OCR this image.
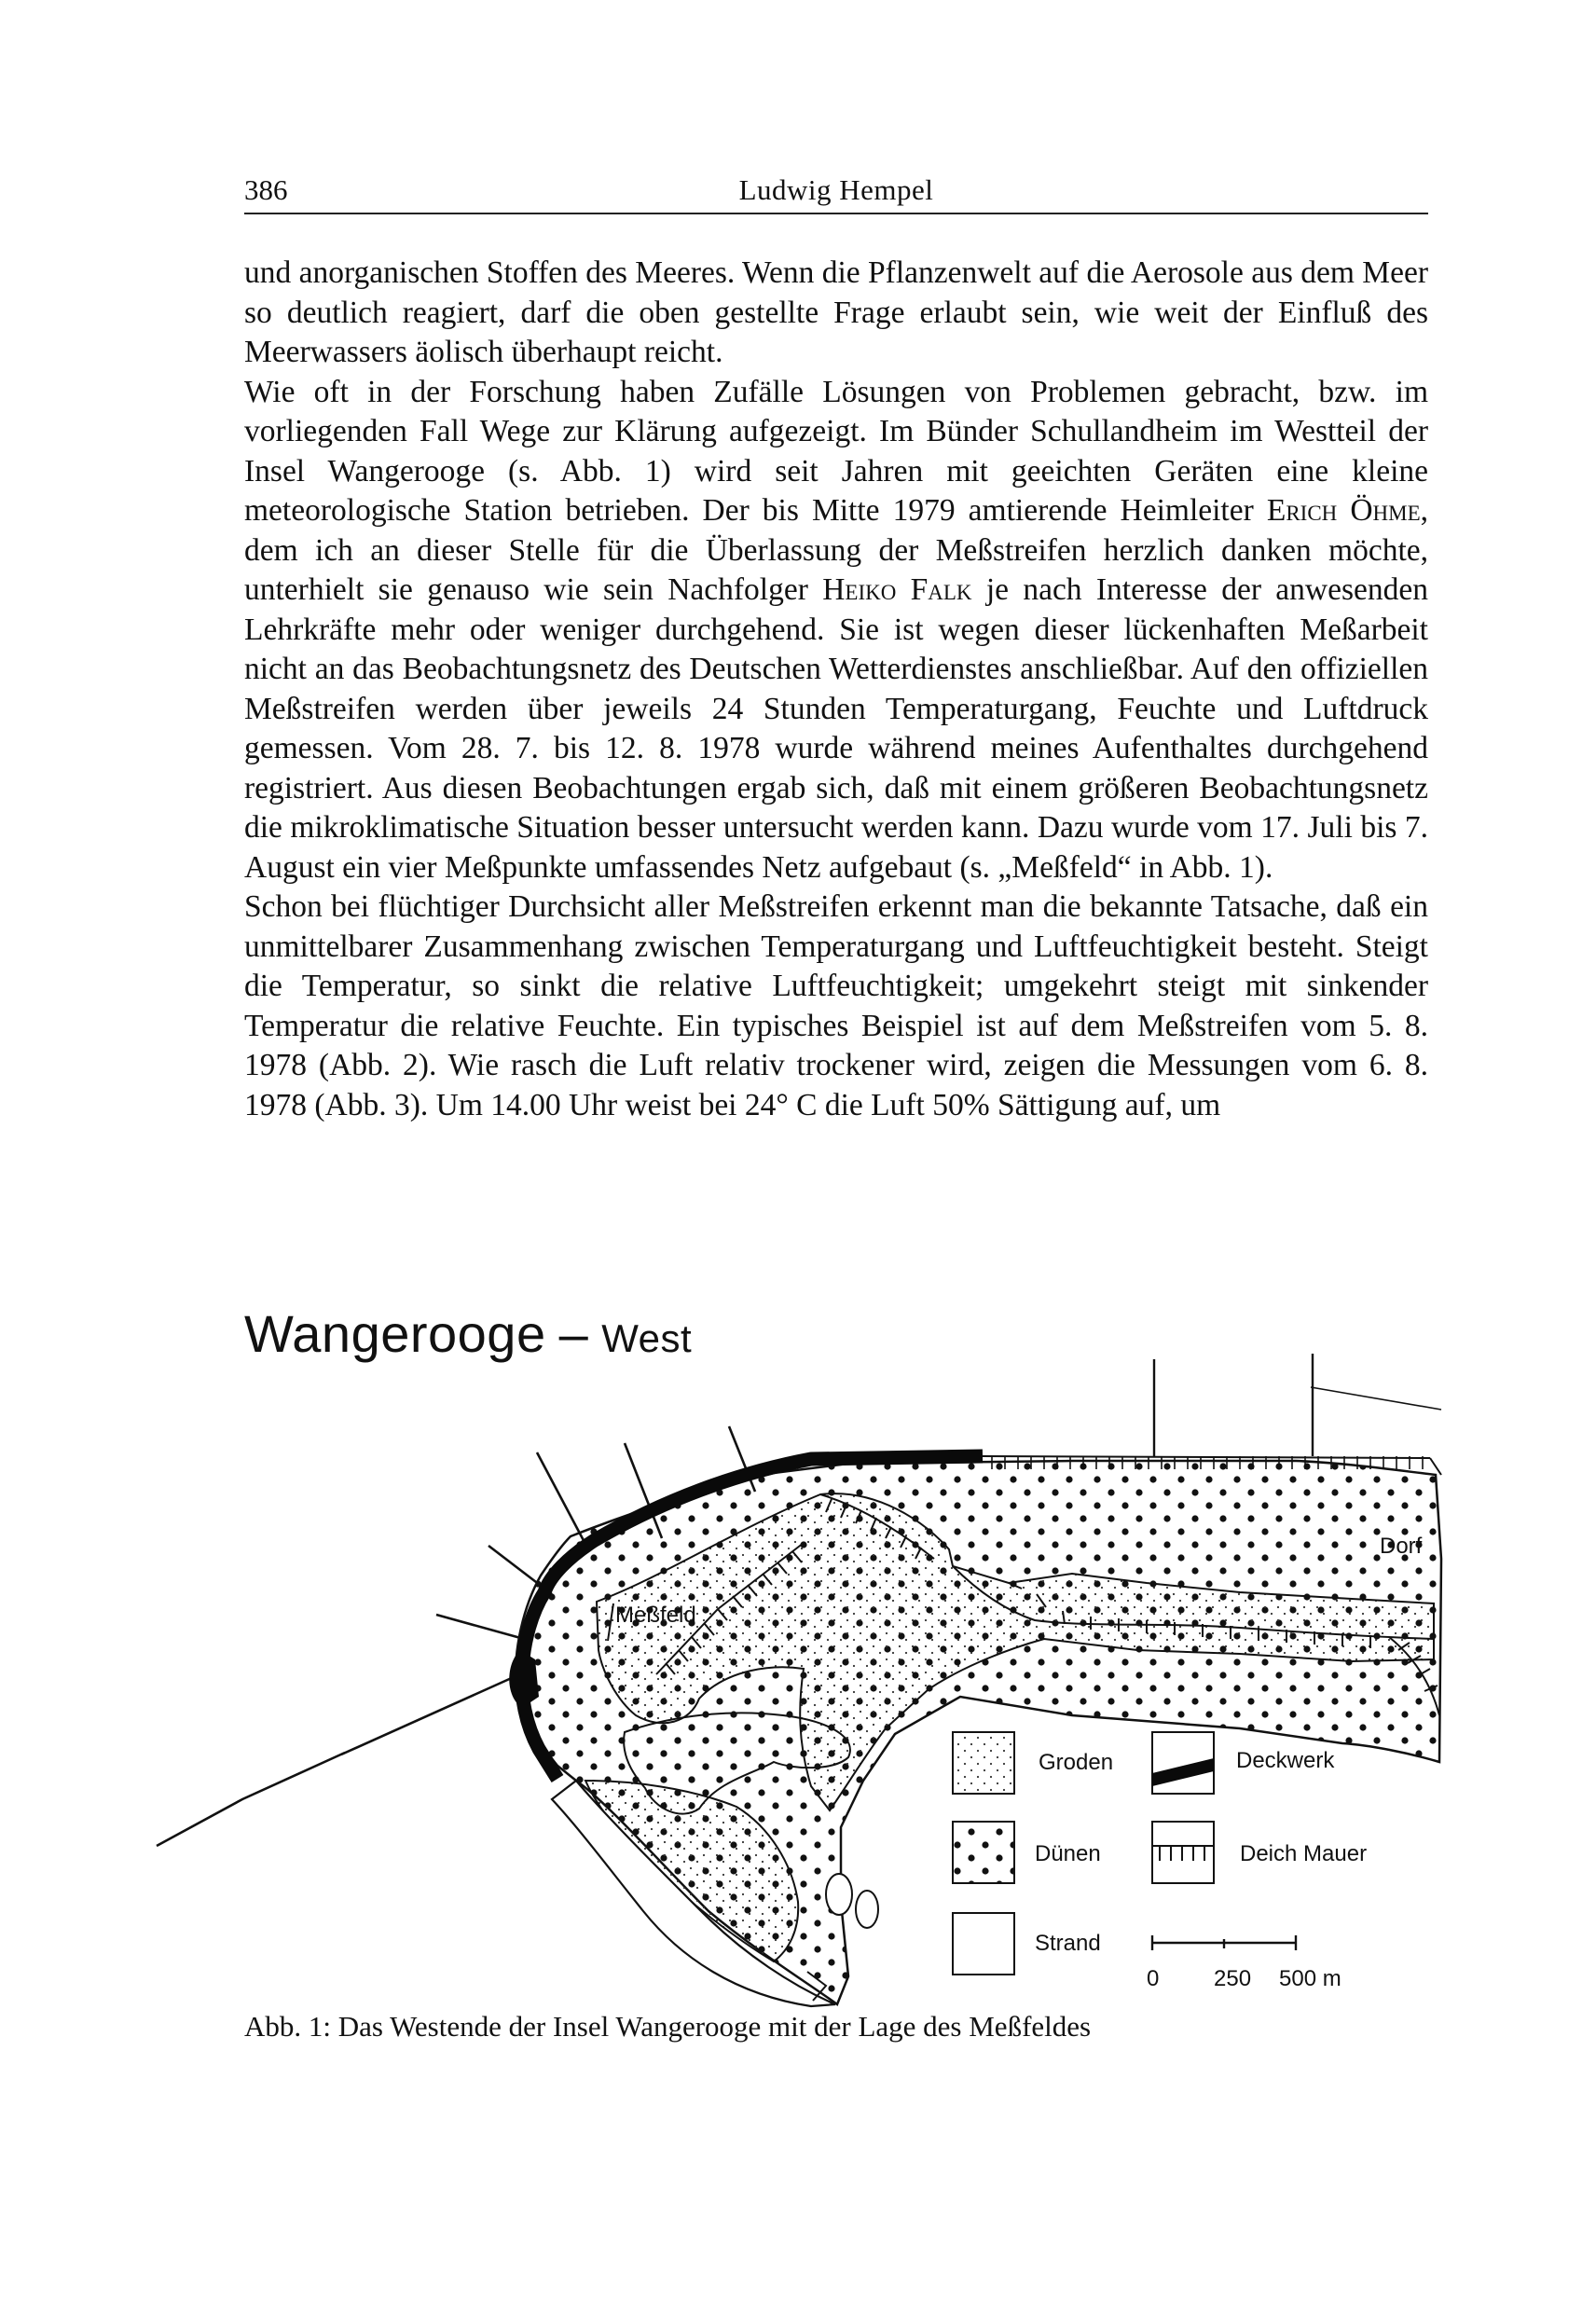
386	Ludwig Hempel

und anorganischen Stoffen des Meeres. Wenn die Pflanzenwelt auf die Aerosole aus dem Meer so deutlich reagiert, darf die oben gestellte Frage erlaubt sein, wie weit der Einfluß des Meerwassers äolisch überhaupt reicht.

Wie oft in der Forschung haben Zufälle Lösungen von Problemen gebracht, bzw. im vorliegenden Fall Wege zur Klärung aufgezeigt. Im Bünder Schullandheim im Westteil der Insel Wangerooge (s. Abb. 1) wird seit Jahren mit geeichten Geräten eine kleine meteorologische Station betrieben. Der bis Mitte 1979 amtierende Heimleiter Erich Öhme, dem ich an dieser Stelle für die Überlassung der Meßstreifen herzlich danken möchte, unterhielt sie genauso wie sein Nachfolger Heiko Falk je nach Interesse der anwesenden Lehrkräfte mehr oder weniger durchgehend. Sie ist wegen dieser lückenhaften Meßarbeit nicht an das Beobachtungsnetz des Deutschen Wetterdienstes anschließbar. Auf den offiziellen Meßstreifen werden über jeweils 24 Stunden Temperaturgang, Feuchte und Luftdruck gemessen. Vom 28. 7. bis 12. 8. 1978 wurde während meines Aufenthaltes durchgehend registriert. Aus diesen Beobachtungen ergab sich, daß mit einem größeren Beobachtungsnetz die mikroklimatische Situation besser untersucht werden kann. Dazu wurde vom 17. Juli bis 7. August ein vier Meßpunkte umfassendes Netz aufgebaut (s. „Meßfeld“ in Abb. 1).

Schon bei flüchtiger Durchsicht aller Meßstreifen erkennt man die bekannte Tatsache, daß ein unmittelbarer Zusammenhang zwischen Temperaturgang und Luftfeuchtigkeit besteht. Steigt die Temperatur, so sinkt die relative Luftfeuchtigkeit; umgekehrt steigt mit sinkender Temperatur die relative Feuchte. Ein typisches Beispiel ist auf dem Meßstreifen vom 5. 8. 1978 (Abb. 2). Wie rasch die Luft relativ trockener wird, zeigen die Messungen vom 6. 8. 1978 (Abb. 3). Um 14.00 Uhr weist bei 24° C die Luft 50% Sättigung auf, um

Wangerooge – West
Meßfeld
Dorf
Groden
Dünen
Strand
Deckwerk
Deich Mauer
0 250 500 m
Abb. 1: Das Westende der Insel Wangerooge mit der Lage des Meßfeldes
